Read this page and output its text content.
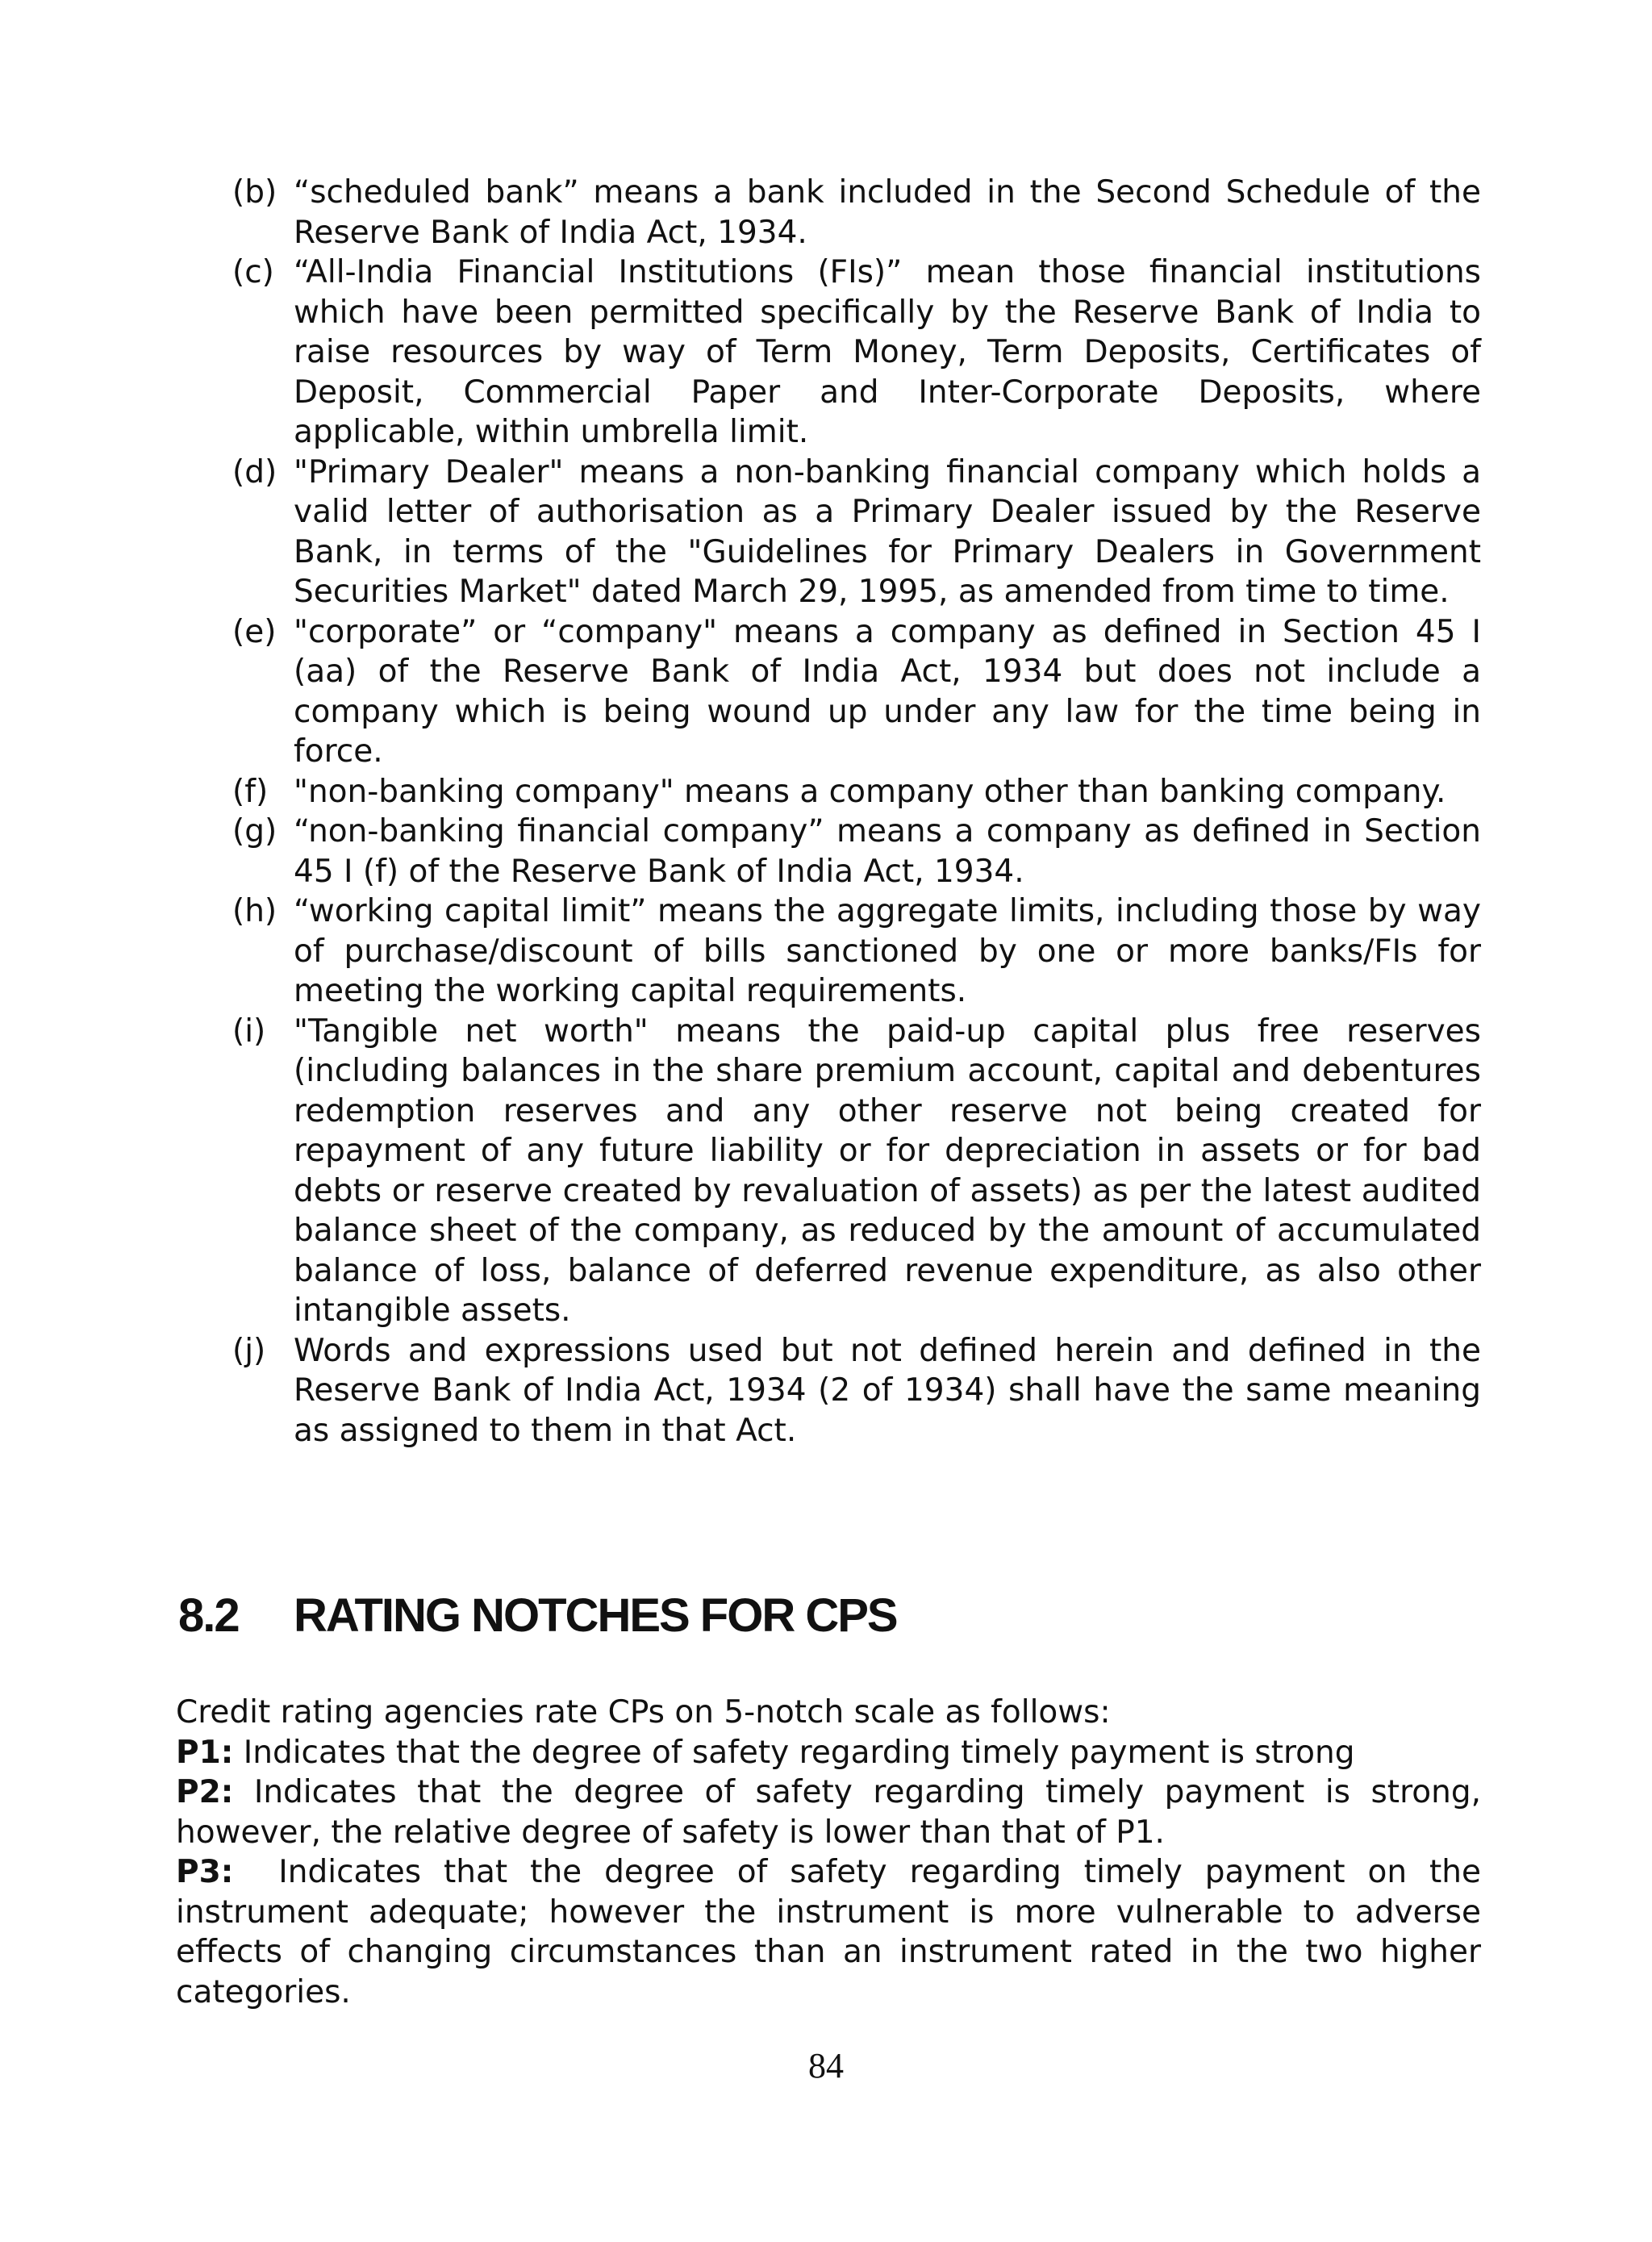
(b) “scheduled bank” means a bank included in the Second Schedule of the Reserve Bank of India Act, 1934.
(c) “All-India Financial Institutions (FIs)” mean those financial institutions which have been permitted specifically by the Reserve Bank of India to raise resources by way of Term Money, Term Deposits, Certificates of Deposit, Commercial Paper and Inter-Corporate Deposits, where applicable, within umbrella limit.
(d) "Primary Dealer" means a non-banking financial company which holds a valid letter of authorisation as a Primary Dealer issued by the Reserve Bank, in terms of the "Guidelines for Primary Dealers in Government Securities Market" dated March 29, 1995, as amended from time to time.
(e) "corporate” or “company" means a company as defined in Section 45 I (aa) of the Reserve Bank of India Act, 1934 but does not include a company which is being wound up under any law for the time being in force.
(f) "non-banking company" means a company other than banking company.
(g) “non-banking financial company” means a company as defined in Section 45 I (f) of the Reserve Bank of India Act, 1934.
(h) “working capital limit” means the aggregate limits, including those by way of purchase/discount of bills sanctioned by one or more banks/FIs for meeting the working capital requirements.
(i) "Tangible net worth" means the paid-up capital plus free reserves (including balances in the share premium account, capital and debentures redemption reserves and any other reserve not being created for repayment of any future liability or for depreciation in assets or for bad debts or reserve created by revaluation of assets) as per the latest audited balance sheet of the company, as reduced by the amount of accumulated balance of loss, balance of deferred revenue expenditure, as also other intangible assets.
(j) Words and expressions used but not defined herein and defined in the Reserve Bank of India Act, 1934 (2 of 1934) shall have the same meaning as assigned to them in that Act.
8.2 RATING NOTCHES FOR CPS

Credit rating agencies rate CPs on 5-notch scale as follows:

P1: Indicates that the degree of safety regarding timely payment is strong

P2: Indicates that the degree of safety regarding timely payment is strong, however, the relative degree of safety is lower than that of P1.

P3: Indicates that the degree of safety regarding timely payment on the instrument adequate; however the instrument is more vulnerable to adverse effects of changing circumstances than an instrument rated in the two higher categories.

84
